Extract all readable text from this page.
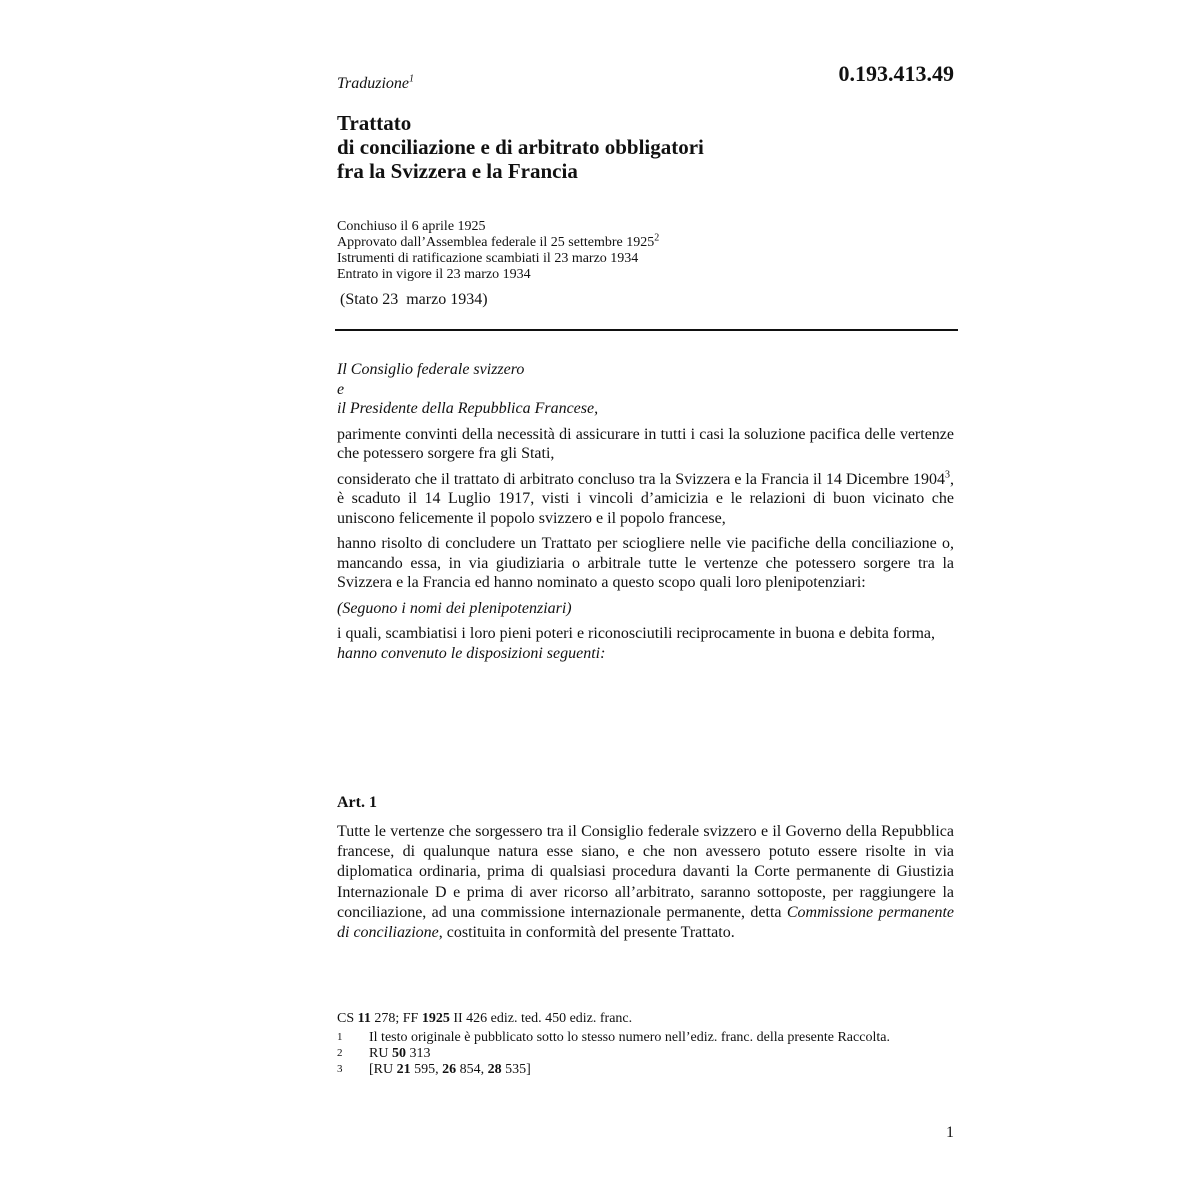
0.193.413.49
Traduzione$^1$
Trattato
di conciliazione e di arbitrato obbligatori
fra la Svizzera e la Francia
Conchiuso il 6 aprile 1925
Approvato dall’Assemblea federale il 25 settembre 1925$^2$
Istrumenti di ratificazione scambiati il 23 marzo 1934
Entrato in vigore il 23 marzo 1934
(Stato 23  marzo 1934)

Il Consiglio federale svizzero

e

il Presidente della Repubblica Francese,

parimente convinti della necessità di assicurare in tutti i casi la soluzione pacifica delle vertenze che potessero sorgere fra gli Stati,

considerato che il trattato di arbitrato concluso tra la Svizzera e la Francia il 14 Dicembre 1904$^3$, è scaduto il 14 Luglio 1917, visti i vincoli d’amicizia e le relazioni di buon vicinato che uniscono felicemente il popolo svizzero e il popolo francese,

hanno risolto di concludere un Trattato per sciogliere nelle vie pacifiche della conciliazione o, mancando essa, in via giudiziaria o arbitrale tutte le vertenze che potessero sorgere tra la Svizzera e la Francia ed hanno nominato a questo scopo quali loro plenipotenziari:

(Seguono i nomi dei plenipotenziari)

i quali, scambiatisi i loro pieni poteri e riconosciutili reciprocamente in buona e debita forma,

hanno convenuto le disposizioni seguenti:

Art. 1
Tutte le vertenze che sorgessero tra il Consiglio federale svizzero e il Governo della Repubblica francese, di qualunque natura esse siano, e che non avessero potuto essere risolte in via diplomatica ordinaria, prima di qualsiasi procedura davanti la Corte permanente di Giustizia Internazionale D e prima di aver ricorso all’arbitrato, saranno sottoposte, per raggiungere la conciliazione, ad una commissione internazionale permanente, detta Commissione permanente di conciliazione, costituita in conformità del presente Trattato.
CS 11 278; FF 1925 II 426 ediz. ted. 450 ediz. franc.
1	Il testo originale è pubblicato sotto lo stesso numero nell’ediz. franc. della presente Raccolta.
2	RU 50 313
3	[RU 21 595, 26 854, 28 535]
1
